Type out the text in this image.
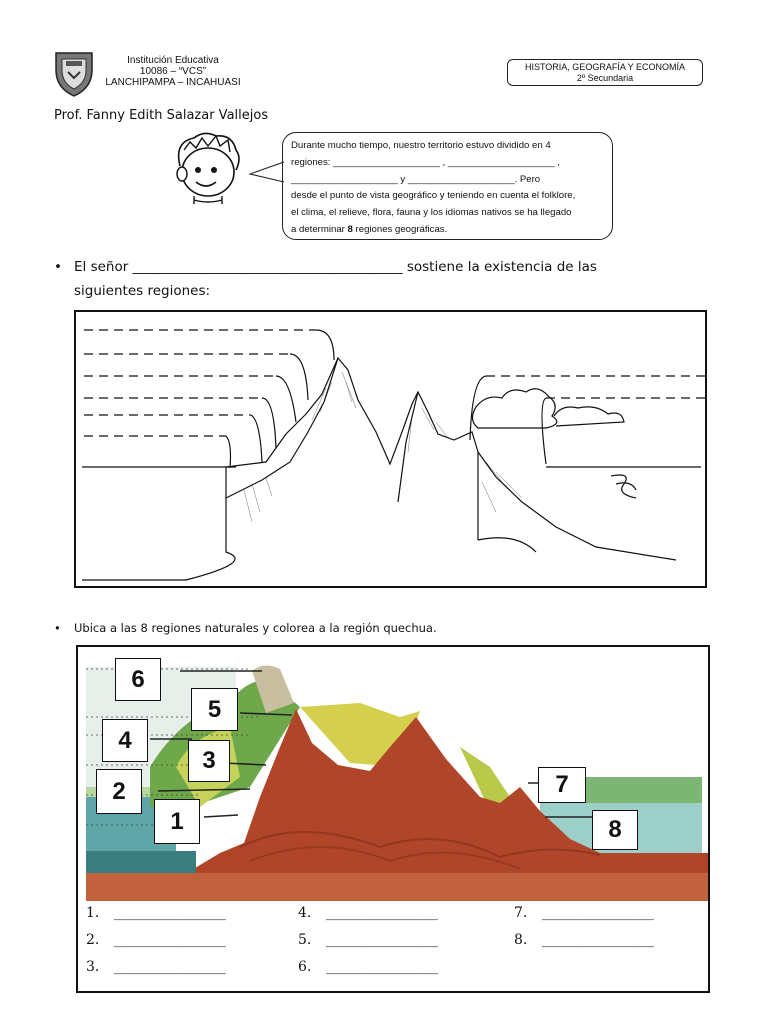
Institución Educativa
10086 – “VCS”
LANCHIPAMPA – INCAHUASI
HISTORIA, GEOGRAFÍA Y ECONOMÍA
2º Secundaria
Prof. Fanny Edith Salazar Vallejos
Durante mucho tiempo, nuestro territorio estuvo dividido en 4
regiones: ____________________ , ____________________ ,
____________________ y ____________________. Pero
desde el punto de vista geográfico y teniendo en cuenta el folklore,
el clima, el relieve, flora, fauna y los idiomas nativos se ha llegado
a determinar 8 regiones geográficas.
• El señor ________________________________________ sostiene la existencia de las
siguientes regiones:
• Ubica a las 8 regiones naturales y colorea a la región quechua.
6
5
4
3
2
1
7
8
1. ________________
2. ________________
3. ________________
4. ________________
5. ________________
6. ________________
7. ________________
8. ________________
